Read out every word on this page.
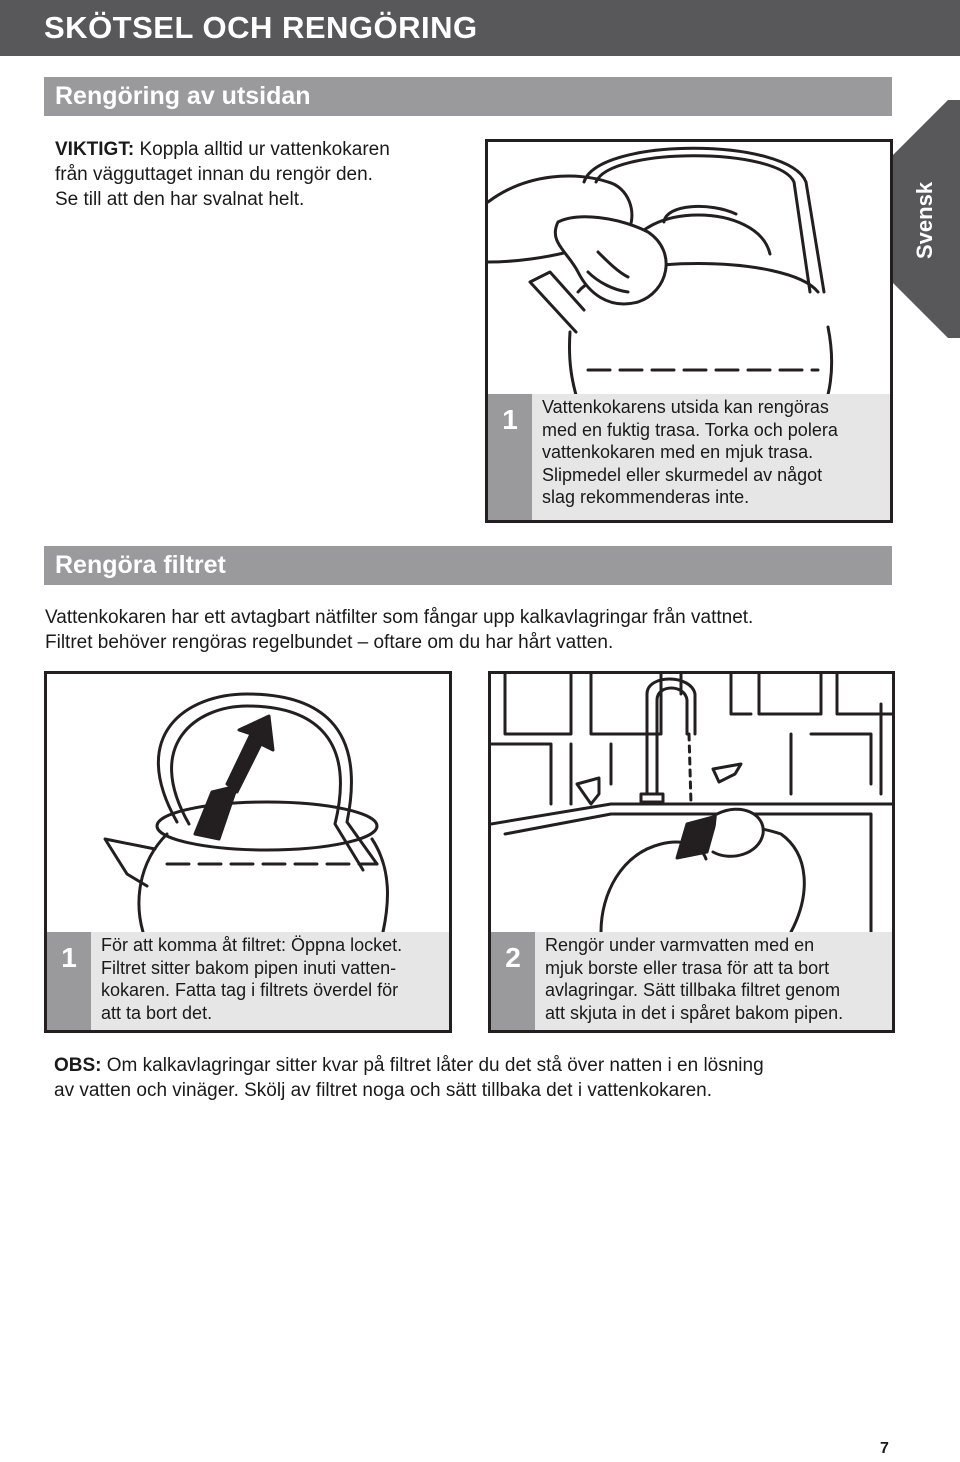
SKÖTSEL OCH RENGÖRING
Svensk
Rengöring av utsidan
VIKTIGT: Koppla alltid ur vattenkokaren
från vägguttaget innan du rengör den.
Se till att den har svalnat helt.
1	Vattenkokarens utsida kan rengöras
med en fuktig trasa. Torka och polera
vattenkokaren med en mjuk trasa.
Slipmedel eller skurmedel av något
slag rekommenderas inte.
Rengöra filtret
Vattenkokaren har ett avtagbart nätfilter som fångar upp kalkavlagringar från vattnet.
Filtret behöver rengöras regelbundet – oftare om du har hårt vatten.
1	För att komma åt filtret: Öppna locket.
Filtret sitter bakom pipen inuti vatten-
kokaren. Fatta tag i filtrets överdel för
att ta bort det.
2	Rengör under varmvatten med en
mjuk borste eller trasa för att ta bort
avlagringar. Sätt tillbaka filtret genom
att skjuta in det i spåret bakom pipen.
OBS: Om kalkavlagringar sitter kvar på filtret låter du det stå över natten i en lösning
av vatten och vinäger. Skölj av filtret noga och sätt tillbaka det i vattenkokaren.
7
